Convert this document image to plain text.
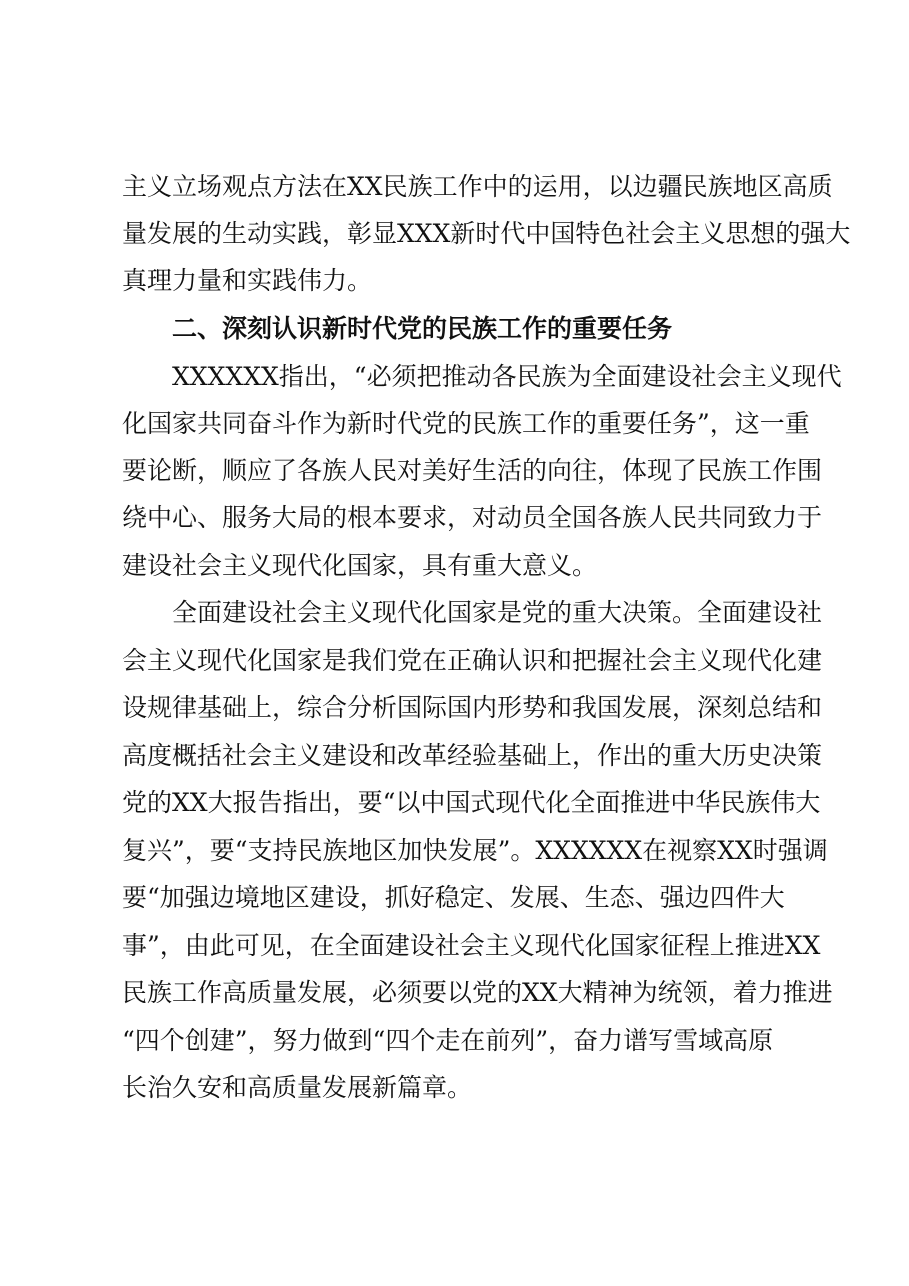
主义立场观点方法在XX民族工作中的运用，以边疆民族地区高质
量发展的生动实践，彰显XXX新时代中国特色社会主义思想的强大
真理力量和实践伟力。
二、深刻认识新时代党的民族工作的重要任务
XXXXXX指出，“必须把推动各民族为全面建设社会主义现代
化国家共同奋斗作为新时代党的民族工作的重要任务”，这一重
要论断，顺应了各族人民对美好生活的向往，体现了民族工作围
绕中心、服务大局的根本要求，对动员全国各族人民共同致力于
建设社会主义现代化国家，具有重大意义。
全面建设社会主义现代化国家是党的重大决策。全面建设社
会主义现代化国家是我们党在正确认识和把握社会主义现代化建
设规律基础上，综合分析国际国内形势和我国发展，深刻总结和
高度概括社会主义建设和改革经验基础上，作出的重大历史决策
党的XX大报告指出，要“以中国式现代化全面推进中华民族伟大
复兴”，要“支持民族地区加快发展”。XXXXXX在视察XX时强调
要“加强边境地区建设，抓好稳定、发展、生态、强边四件大
事”，由此可见，在全面建设社会主义现代化国家征程上推进XX
民族工作高质量发展，必须要以党的XX大精神为统领，着力推进
“四个创建”，努力做到“四个走在前列”，奋力谱写雪域高原
长治久安和高质量发展新篇章。
